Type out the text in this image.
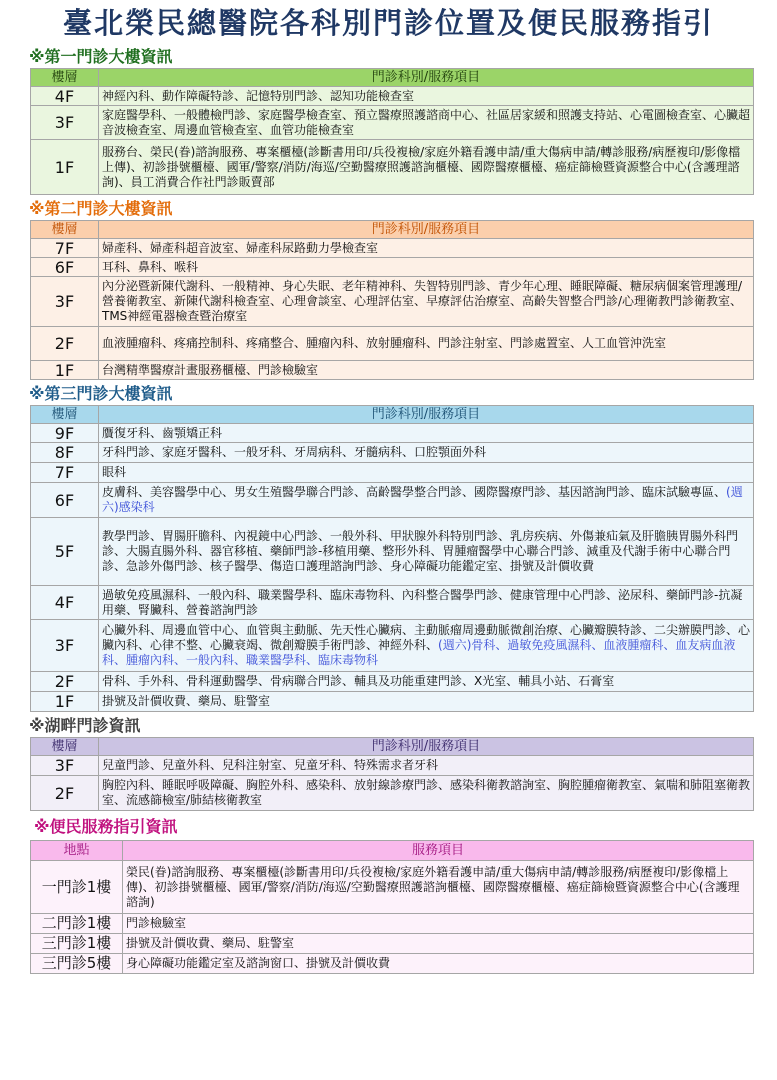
臺北榮民總醫院各科別門診位置及便民服務指引
※第一門診大樓資訊
樓層	門診科別/服務項目
4F	神經內科、動作障礙特診、記憶特別門診、認知功能檢查室
3F	家庭醫學科、一般體檢門診、家庭醫學檢查室、預立醫療照護諮商中心、社區居家緩和照護支持站、心電圖檢查室、心臟超音波檢查室、周邊血管檢查室、血管功能檢查室
1F	服務台、榮民(眷)諮詢服務、專案櫃檯(診斷書用印/兵役複檢/家庭外籍看護申請/重大傷病申請/轉診服務/病歷複印/影像檔上傳)、初診掛號櫃檯、國軍/警察/消防/海巡/空勤醫療照護諮詢櫃檯、國際醫療櫃檯、癌症篩檢暨資源整合中心(含護理諮詢)、員工消費合作社門診販賣部
※第二門診大樓資訊
樓層	門診科別/服務項目
7F	婦產科、婦產科超音波室、婦產科尿路動力學檢查室
6F	耳科、鼻科、喉科
3F	內分泌暨新陳代謝科、一般精神、身心失眠、老年精神科、失智特別門診、青少年心理、睡眠障礙、糖尿病個案管理護理/營養衛教室、新陳代謝科檢查室、心理會談室、心理評估室、早療評估治療室、高齡失智整合門診/心理衛教門診衛教室、TMS神經電器檢查暨治療室
2F	血液腫瘤科、疼痛控制科、疼痛整合、腫瘤內科、放射腫瘤科、門診注射室、門診處置室、人工血管沖洗室
1F	台灣精準醫療計畫服務櫃檯、門診檢驗室
※第三門診大樓資訊
樓層	門診科別/服務項目
9F	贋復牙科、齒顎矯正科
8F	牙科門診、家庭牙醫科、一般牙科、牙周病科、牙髓病科、口腔顎面外科
7F	眼科
6F	皮膚科、美容醫學中心、男女生殖醫學聯合門診、高齡醫學整合門診、國際醫療門診、基因諮詢門診、臨床試驗專區、(週六)感染科
5F	教學門診、胃腸肝膽科、內視鏡中心門診、一般外科、甲狀腺外科特別門診、乳房疾病、外傷兼疝氣及肝膽胰胃腸外科門診、大腸直腸外科、器官移植、藥師門診-移植用藥、整形外科、胃腫瘤醫學中心聯合門診、減重及代謝手術中心聯合門診、急診外傷門診、核子醫學、傷造口護理諮詢門診、身心障礙功能鑑定室、掛號及計價收費
4F	過敏免疫風濕科、一般內科、職業醫學科、臨床毒物科、內科整合醫學門診、健康管理中心門診、泌尿科、藥師門診-抗凝用藥、腎臟科、營養諮詢門診
3F	心臟外科、周邊血管中心、血管與主動脈、先天性心臟病、主動脈瘤周邊動脈微創治療、心臟瓣膜特診、二尖辦膜門診、心臟內科、心律不整、心臟衰竭、微創瓣膜手術門診、神經外科、(週六)骨科、過敏免疫風濕科、血液腫瘤科、血友病血液科、腫瘤內科、一般內科、職業醫學科、臨床毒物科
2F	骨科、手外科、骨科運動醫學、骨病聯合門診、輔具及功能重建門診、X光室、輔具小站、石膏室
1F	掛號及計價收費、藥局、駐警室
※湖畔門診資訊
樓層	門診科別/服務項目
3F	兒童門診、兒童外科、兒科注射室、兒童牙科、特殊需求者牙科
2F	胸腔內科、睡眠呼吸障礙、胸腔外科、感染科、放射線診療門診、感染科衛教諮詢室、胸腔腫瘤衛教室、氣喘和肺阻塞衛教室、流感篩檢室/肺結核衛教室
※便民服務指引資訊
地點	服務項目
一門診1樓	榮民(眷)諮詢服務、專案櫃檯(診斷書用印/兵役複檢/家庭外籍看護申請/重大傷病申請/轉診服務/病歷複印/影像檔上傳)、初診掛號櫃檯、國軍/警察/消防/海巡/空勤醫療照護諮詢櫃檯、國際醫療櫃檯、癌症篩檢暨資源整合中心(含護理諮詢)
二門診1樓	門診檢驗室
三門診1樓	掛號及計價收費、藥局、駐警室
三門診5樓	身心障礙功能鑑定室及諮詢窗口、掛號及計價收費
